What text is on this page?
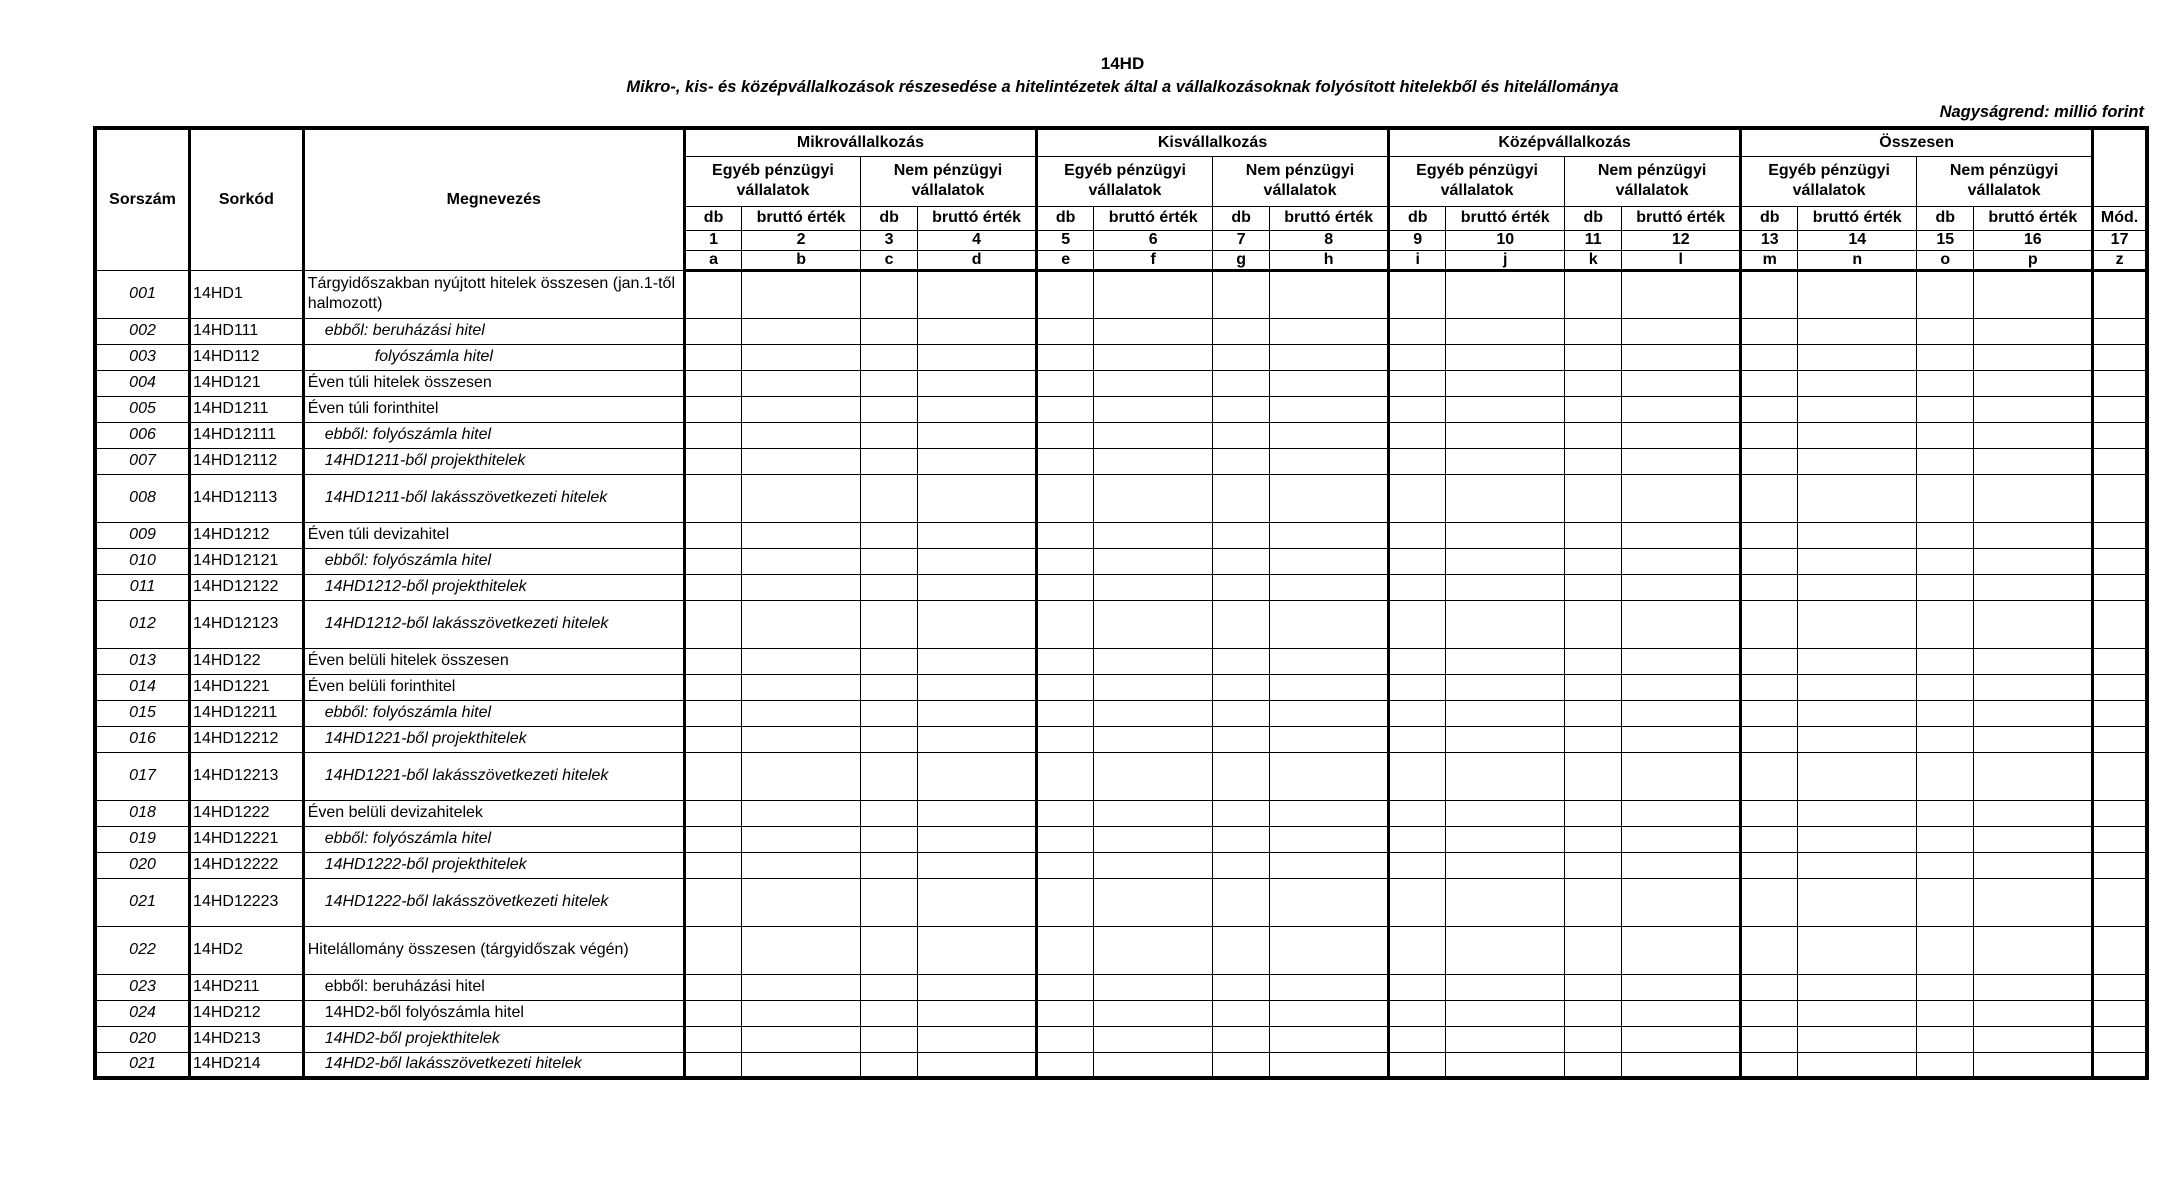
14HD
Mikro-, kis- és középvállalkozások részesedése a hitelintézetek által a vállalkozásoknak folyósított hitelekből és hitelállománya
Nagyságrend: millió forint
Sorszám	Sorkód	Megnevezés	Mikrovállalkozás				Kisvállalkozás				Középvállalkozás				Összesen				
			Egyéb pénzügyi vállalatok		Nem pénzügyi vállalatok		Egyéb pénzügyi vállalatok		Nem pénzügyi vállalatok		Egyéb pénzügyi vállalatok		Nem pénzügyi vállalatok		Egyéb pénzügyi vállalatok		Nem pénzügyi vállalatok		
			db	bruttó érték	db	bruttó érték	db	bruttó érték	db	bruttó érték	db	bruttó érték	db	bruttó érték	db	bruttó érték	db	bruttó érték	Mód.
			1	2	3	4	5	6	7	8	9	10	11	12	13	14	15	16	17
			a	b	c	d	e	f	g	h	i	j	k	l	m	n	o	p	z
001	14HD1	Tárgyidőszakban nyújtott hitelek összesen (jan.1-től halmozott)																	
002	14HD111	ebből: beruházási hitel																	
003	14HD112	folyószámla hitel																	
004	14HD121	Éven túli hitelek összesen																	
005	14HD1211	Éven túli forinthitel																	
006	14HD12111	ebből: folyószámla hitel																	
007	14HD12112	14HD1211-ből projekthitelek																	
008	14HD12113	14HD1211-ből lakásszövetkezeti hitelek																	
009	14HD1212	Éven túli devizahitel																	
010	14HD12121	ebből: folyószámla hitel																	
011	14HD12122	14HD1212-ből projekthitelek																	
012	14HD12123	14HD1212-ből lakásszövetkezeti hitelek																	
013	14HD122	Éven belüli hitelek összesen																	
014	14HD1221	Éven belüli forinthitel																	
015	14HD12211	ebből: folyószámla hitel																	
016	14HD12212	14HD1221-ből projekthitelek																	
017	14HD12213	14HD1221-ből lakásszövetkezeti hitelek																	
018	14HD1222	Éven belüli devizahitelek																	
019	14HD12221	ebből: folyószámla hitel																	
020	14HD12222	14HD1222-ből projekthitelek																	
021	14HD12223	14HD1222-ből lakásszövetkezeti hitelek																	
022	14HD2	Hitelállomány összesen (tárgyidőszak végén)																	
023	14HD211	ebből: beruházási hitel																	
024	14HD212	14HD2-ből folyószámla hitel																	
020	14HD213	14HD2-ből projekthitelek																	
021	14HD214	14HD2-ből lakásszövetkezeti hitelek																	
